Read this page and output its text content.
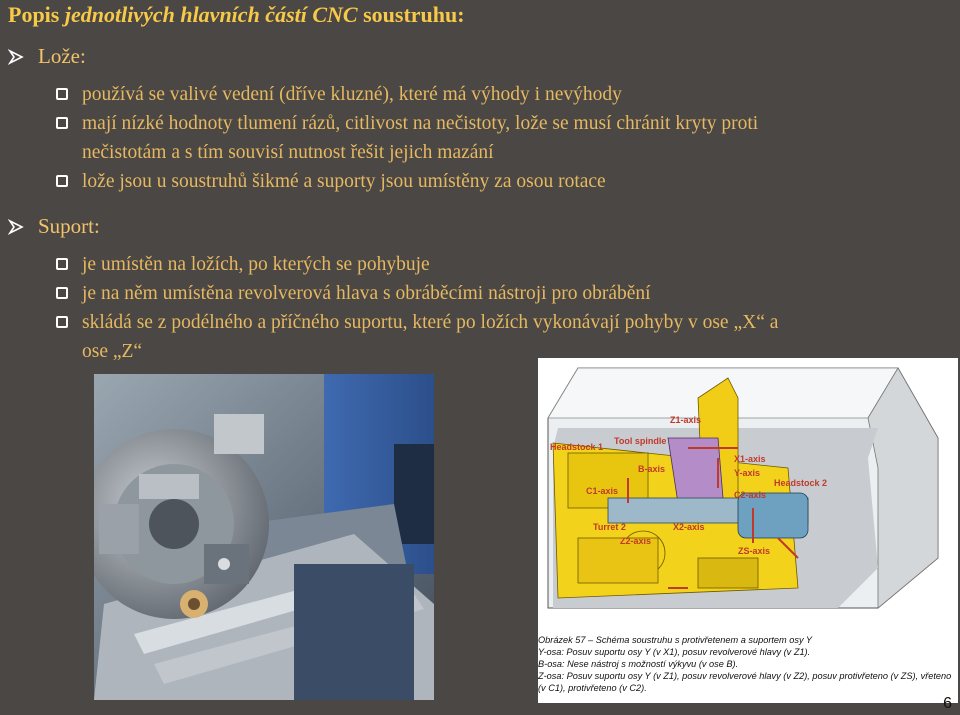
Popis jednotlivých hlavních částí CNC soustruhu:
Lože:
používá se valivé vedení (dříve kluzné), které má výhody i nevýhody
mají nízké hodnoty tlumení rázů, citlivost na nečistoty, lože se musí chránit kryty proti
nečistotám a s tím souvisí nutnost řešit jejich mazání
lože jsou u soustruhů šikmé a suporty jsou umístěny za osou rotace
Suport:
je umístěn na ložích, po kterých se pohybuje
je na něm umístěna revolverová hlava s obráběcími nástroji pro obrábění
skládá se z podélného a příčného suportu, které po ložích vykonávají pohyby v ose „X“ a
ose „Z“
Headstock 1
Tool spindle
Z1-axis
X1-axis
Y-axis
B-axis
C1-axis	C2-axis
Headstock 2
Turret 2	X2-axis
Z2-axis
ZS-axis
Obrázek 57 – Schéma soustruhu s protivřetenem a suportem osy Y
Y-osa: Posuv suportu osy Y (v X1), posuv revolverové hlavy (v Z1).
B-osa: Nese nástroj s možností výkyvu (v ose B).
Z-osa: Posuv suportu osy Y (v Z1), posuv revolverové hlavy (v Z2), posuv protivřeteno (v ZS), vřeteno
(v C1), protivřeteno (v C2).
6
